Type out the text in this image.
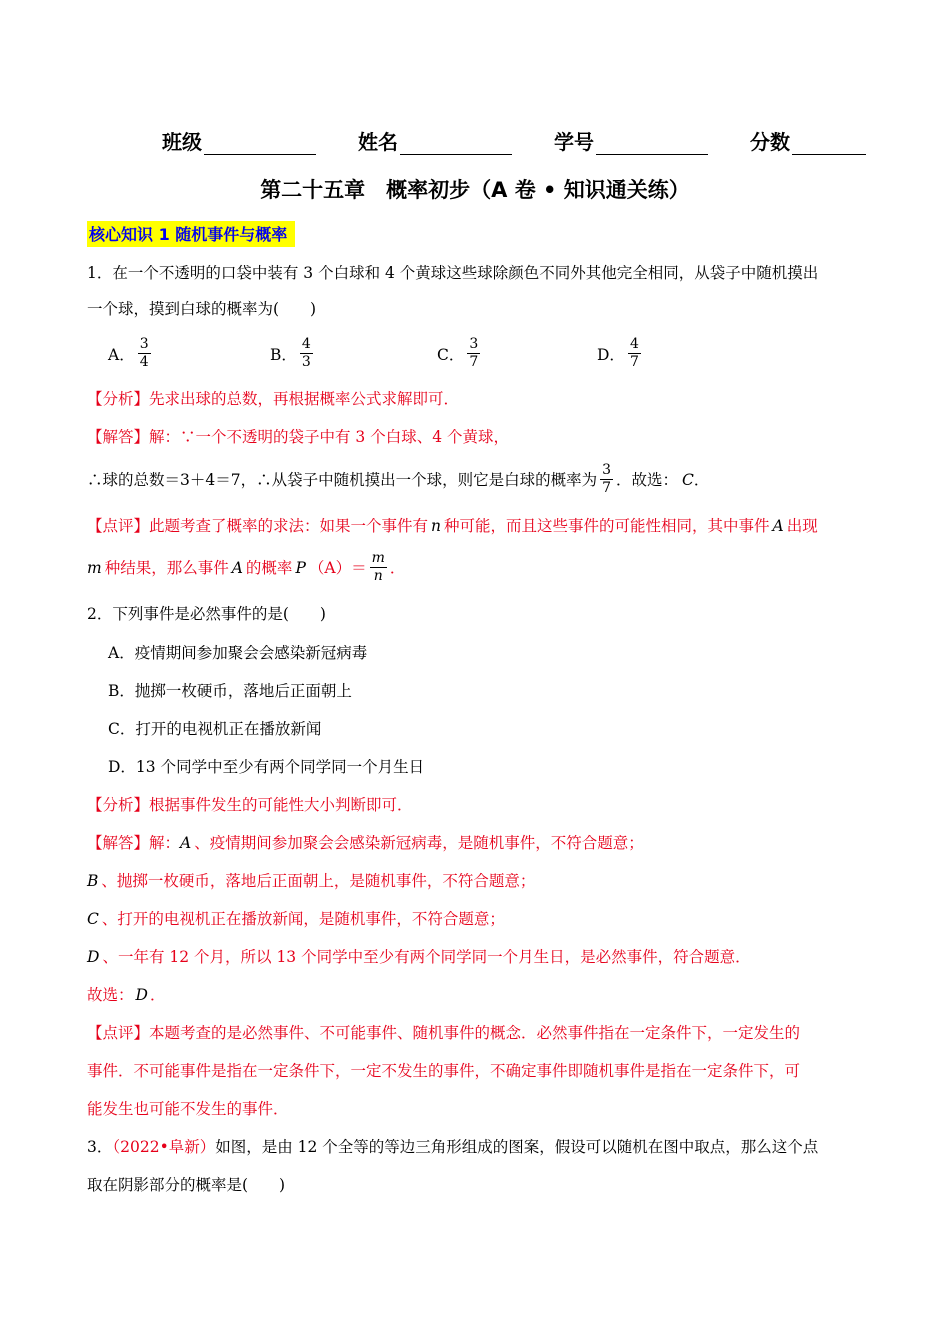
班级	姓名	学号	分数
第二十五章　概率初步（A 卷 • 知识通关练）
核心知识 1 随机事件与概率
1．在一个不透明的口袋中装有 3 个白球和 4 个黄球这些球除颜色不同外其他完全相同，从袋子中随机摸出
一个球，摸到白球的概率为(　　)
A． $\frac{3}{4}$	B． $\frac{4}{3}$	C． $\frac{3}{7}$	D． $\frac{4}{7}$
【分析】先求出球的总数，再根据概率公式求解即可．
【解答】解：∵一个不透明的袋子中有 3 个白球、4 个黄球，
∴球的总数＝3＋4＝7，∴从袋子中随机摸出一个球，则它是白球的概率为 $\frac{3}{7}$ ．故选： C ．
【点评】此题考查了概率的求法：如果一个事件有 n 种可能，而且这些事件的可能性相同，其中事件 A 出现
m 种结果，那么事件 A 的概率 P $(A)= \frac{m}{n}$ ．
2．下列事件是必然事件的是(　　)
A．疫情期间参加聚会会感染新冠病毒
B．抛掷一枚硬币，落地后正面朝上
C．打开的电视机正在播放新闻
D．13 个同学中至少有两个同学同一个月生日
【分析】根据事件发生的可能性大小判断即可．
【解答】解：A 、疫情期间参加聚会会感染新冠病毒，是随机事件，不符合题意；
B 、抛掷一枚硬币，落地后正面朝上，是随机事件，不符合题意；
C 、打开的电视机正在播放新闻，是随机事件，不符合题意；
D 、一年有 12 个月，所以 13 个同学中至少有两个同学同一个月生日，是必然事件，符合题意．
故选： D ．
【点评】本题考查的是必然事件、不可能事件、随机事件的概念．必然事件指在一定条件下，一定发生的
事件．不可能事件是指在一定条件下，一定不发生的事件，不确定事件即随机事件是指在一定条件下，可
能发生也可能不发生的事件．
3．（2022•阜新）如图，是由 12 个全等的等边三角形组成的图案，假设可以随机在图中取点，那么这个点
取在阴影部分的概率是(　　)
